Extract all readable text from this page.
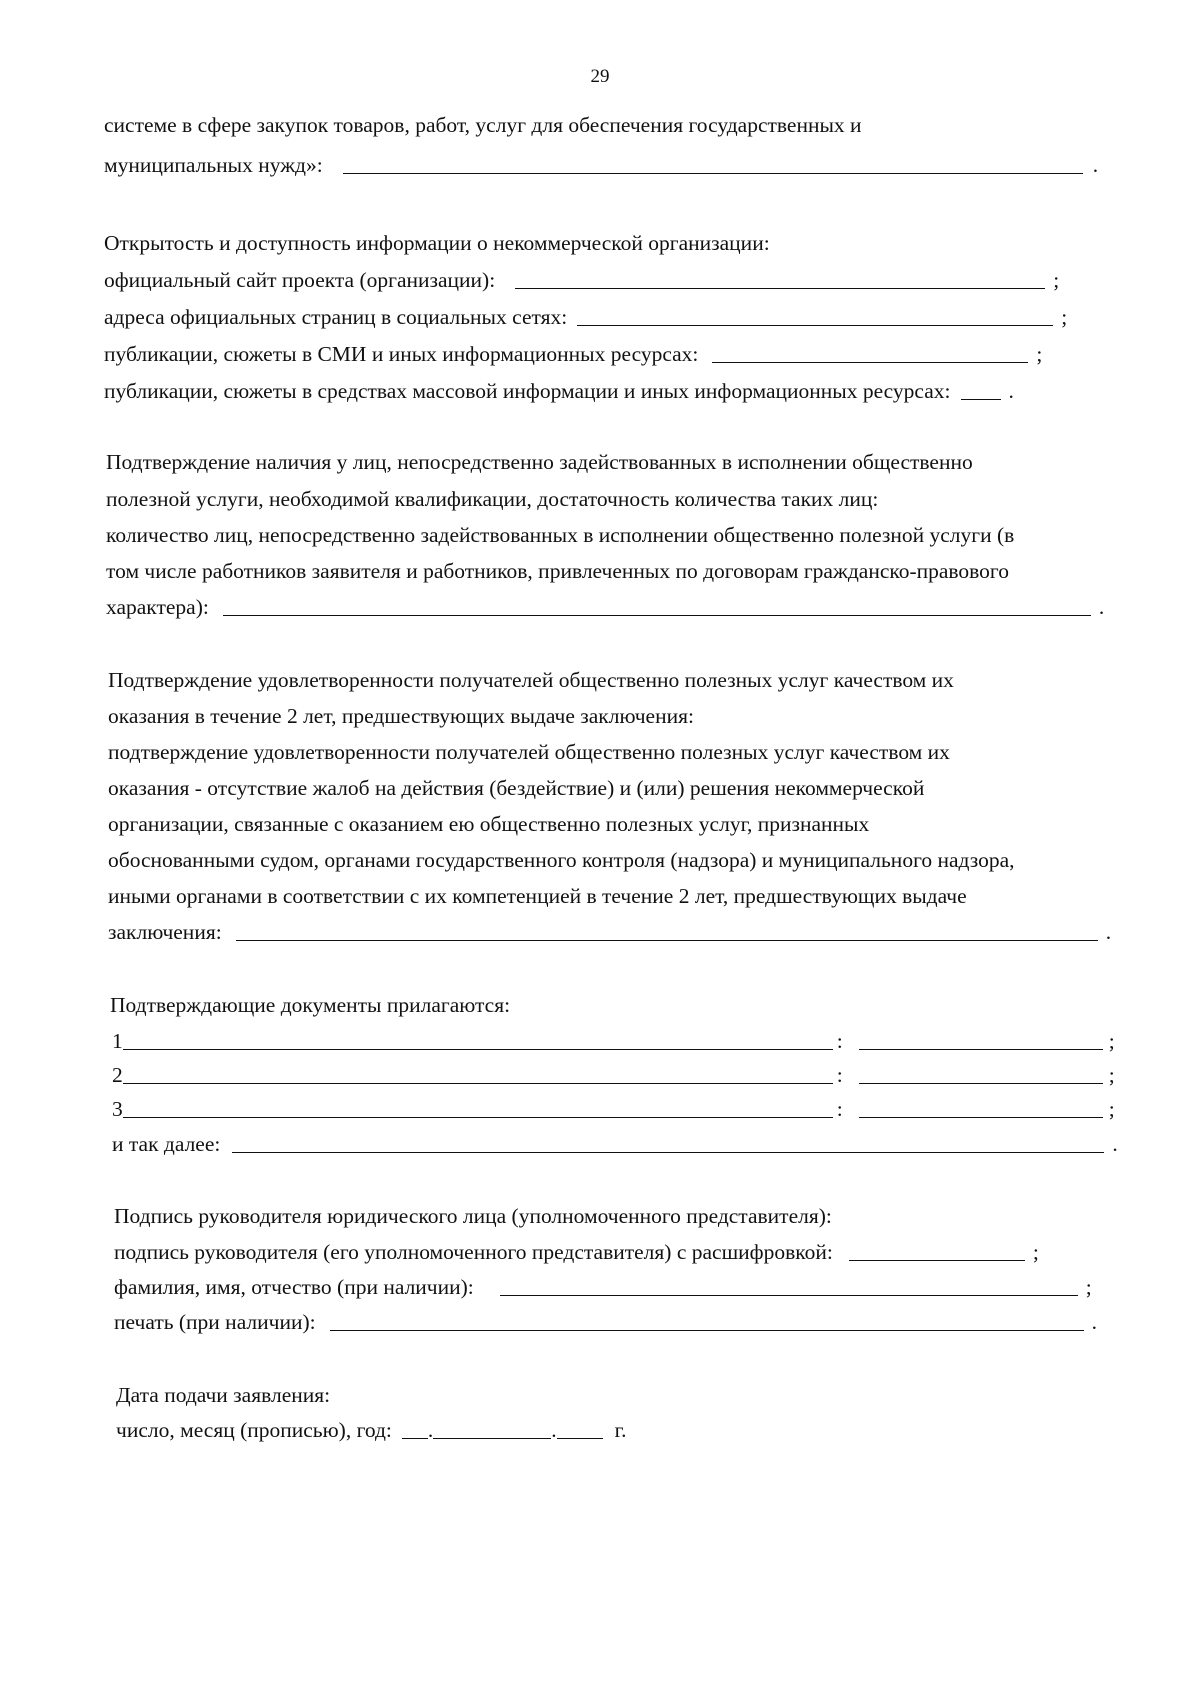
29
системе в сфере закупок товаров, работ, услуг для обеспечения государственных и
муниципальных нужд»:	.
Открытость и доступность информации о некоммерческой организации:
официальный сайт проекта (организации):	;
адреса официальных страниц в социальных сетях:	;
публикации, сюжеты в СМИ и иных информационных ресурсах:	;
публикации, сюжеты в средствах массовой информации и иных информационных ресурсах:	.
Подтверждение наличия у лиц, непосредственно задействованных в исполнении общественно
полезной услуги, необходимой квалификации, достаточность количества таких лиц:
количество лиц, непосредственно задействованных в исполнении общественно полезной услуги (в
том числе работников заявителя и работников, привлеченных по договорам гражданско-правового
характера):	.
Подтверждение удовлетворенности получателей общественно полезных услуг качеством их
оказания в течение 2 лет, предшествующих выдаче заключения:
подтверждение удовлетворенности получателей общественно полезных услуг качеством их
оказания - отсутствие жалоб на действия (бездействие) и (или) решения некоммерческой
организации, связанные с оказанием ею общественно полезных услуг, признанных
обоснованными судом, органами государственного контроля (надзора) и муниципального надзора,
иными органами в соответствии с их компетенцией в течение 2 лет, предшествующих выдаче
заключения:	.
Подтверждающие документы прилагаются:
1	:	;
2	:	;
3	:	;
и так далее:	.
Подпись руководителя юридического лица (уполномоченного представителя):
подпись руководителя (его уполномоченного представителя) с расшифровкой:	;
фамилия, имя, отчество (при наличии):	;
печать (при наличии):	.
Дата подачи заявления:
число, месяц (прописью), год: .	.	г.
